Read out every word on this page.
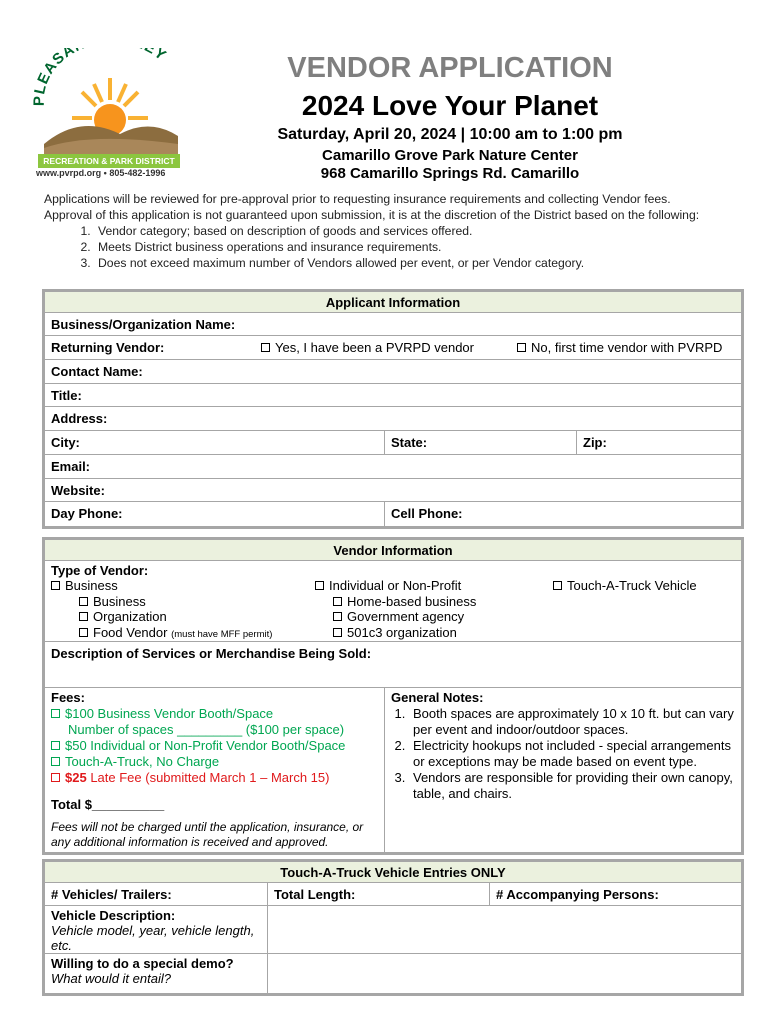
PLEASA Y
RECREATION & PARK DISTRICT
www.pvrpd.org • 805-482-1996
VENDOR APPLICATION
2024 Love Your Planet
Saturday, April 20, 2024 | 10:00 am to 1:00 pm
Camarillo Grove Park Nature Center
968 Camarillo Springs Rd. Camarillo
Applications will be reviewed for pre-approval prior to requesting insurance requirements and collecting Vendor fees.
Approval of this application is not guaranteed upon submission, it is at the discretion of the District based on the following:
1. Vendor category; based on description of goods and services offered.
2. Meets District business operations and insurance requirements.
3. Does not exceed maximum number of Vendors allowed per event, or per Vendor category.
Applicant Information
Business/Organization Name:
Returning Vendor:	Yes, I have been a PVRPD vendor	No, first time vendor with PVRPD
Contact Name:
Title:
Address:
City:	State:	Zip:
Email:
Website:
Day Phone:	Cell Phone:
Vendor Information
Type of Vendor:
Business
Business
Organization
Food Vendor (must have MFF permit)
Individual or Non-Profit
Home-based business
Government agency
501c3 organization
Touch-A-Truck Vehicle
Description of Services or Merchandise Being Sold:
Fees:
$100 Business Vendor Booth/Space
Number of spaces _________ ($100 per space)
$50 Individual or Non-Profit Vendor Booth/Space
Touch-A-Truck, No Charge
$25 Late Fee (submitted March 1 – March 15)
Total $__________
Fees will not be charged until the application, insurance, or any additional information is received and approved.
General Notes:
1. Booth spaces are approximately 10 x 10 ft. but can vary per event and indoor/outdoor spaces.
2. Electricity hookups not included - special arrangements or exceptions may be made based on event type.
3. Vendors are responsible for providing their own canopy, table, and chairs.
Touch-A-Truck Vehicle Entries ONLY
# Vehicles/ Trailers:	Total Length:	# Accompanying Persons:
Vehicle Description:
Vehicle model, year, vehicle length, etc.
Willing to do a special demo?
What would it entail?
